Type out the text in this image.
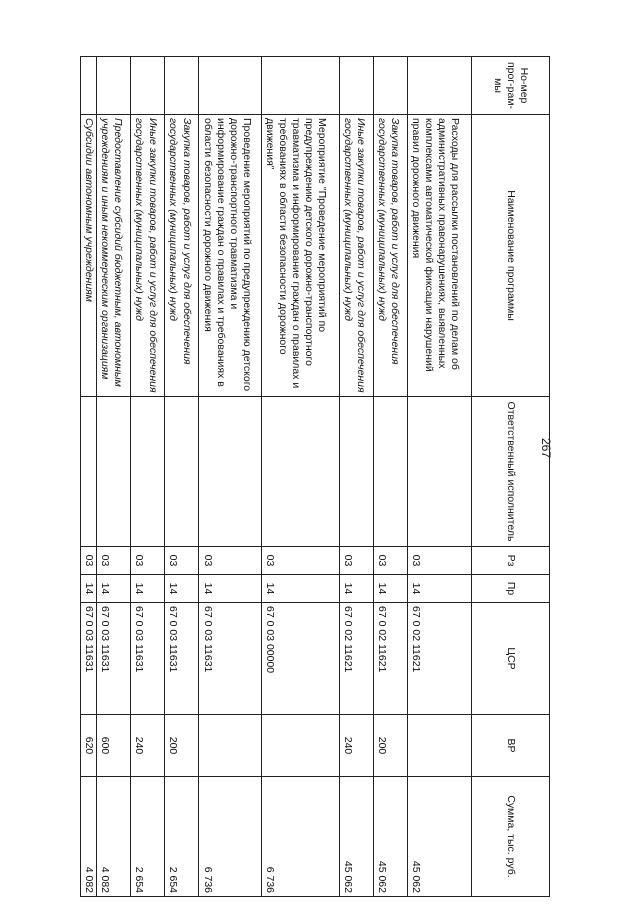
267
Но-мер прог-рам-мы	Наименование программы	Ответственный исполнитель	Рз	Пр	ЦСР	ВР	Сумма, тыс. руб.
	Расходы для рассылки постановлений по делам об административных правонарушениях, выявленных комплексами автоматической фиксации нарушений правил дорожного движения		03	14	67 0 02 11621		45 062
	Закупка товаров, работ и услуг для обеспечения государственных (муниципальных) нужд		03	14	67 0 02 11621	200	45 062
	Иные закупки товаров, работ и услуг для обеспечения государственных (муниципальных) нужд		03	14	67 0 02 11621	240	45 062
	Мероприятие "Проведение мероприятий по предупреждению детского дорожно-транспортного травматизма и информирование граждан о правилах и требованиях в области безопасности дорожного движения"		03	14	67 0 03 00000		6 736
	Проведение мероприятий по предупреждению детского дорожно-транспортного травматизма и информирование граждан о правилах и требованиях в области безопасности дорожного движения		03	14	67 0 03 11631		6 736
	Закупка товаров, работ и услуг для обеспечения государственных (муниципальных) нужд		03	14	67 0 03 11631	200	2 654
	Иные закупки товаров, работ и услуг для обеспечения государственных (муниципальных) нужд		03	14	67 0 03 11631	240	2 654
	Предоставление субсидий бюджетным, автономным учреждениям и иным некоммерческим организациям		03	14	67 0 03 11631	600	4 082
	Субсидии автономным учреждениям		03	14	67 0 03 11631	620	4 082
